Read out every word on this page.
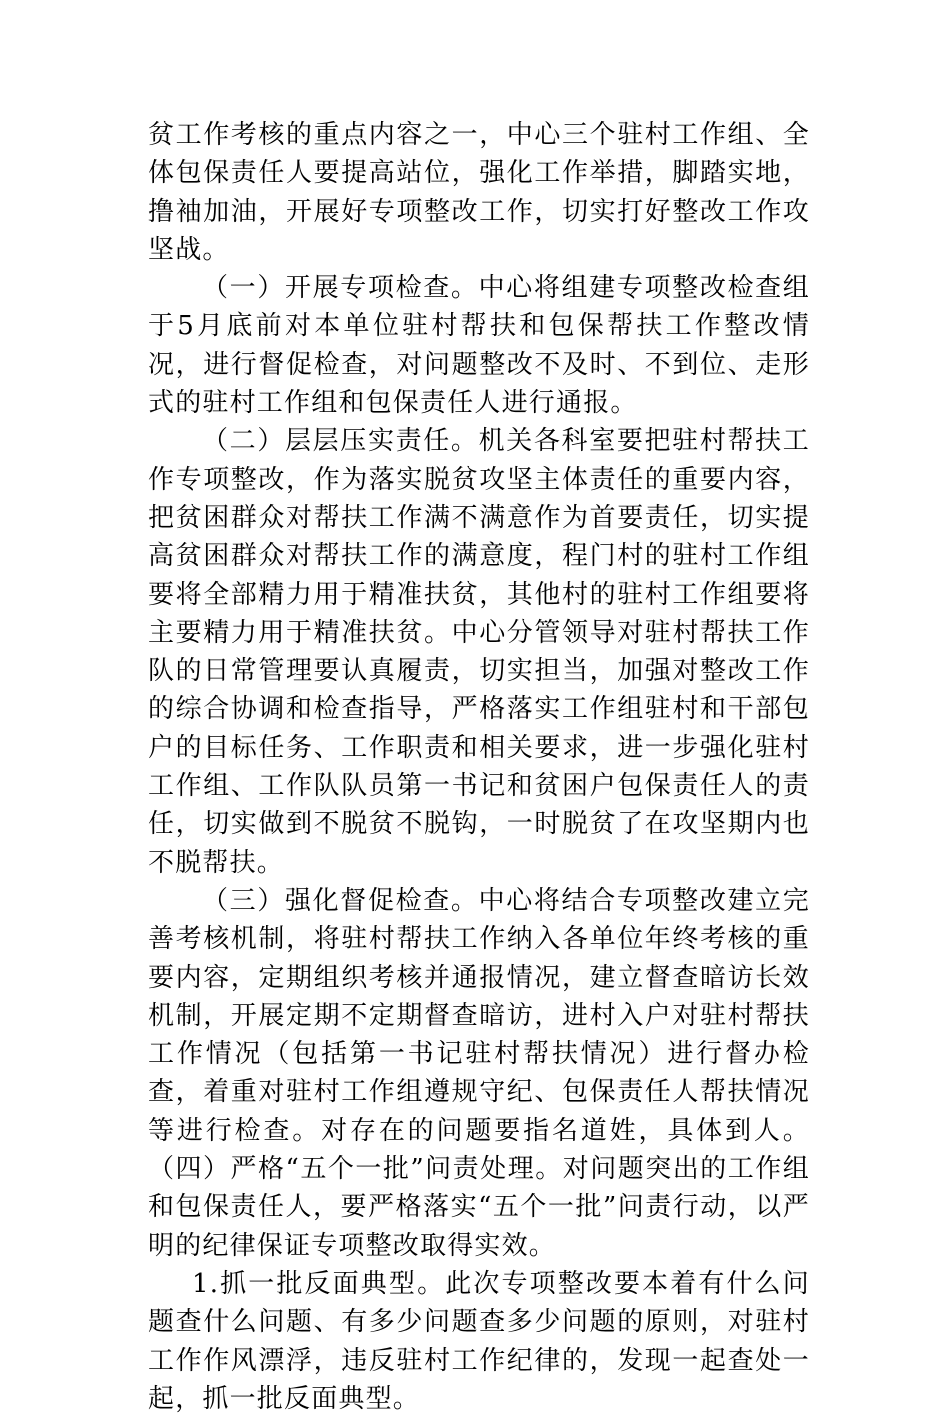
贫工作考核的重点内容之一，中心三个驻村工作组、全体包保责任人要提高站位，强化工作举措，脚踏实地，撸袖加油，开展好专项整改工作，切实打好整改工作攻坚战。

（一）开展专项检查。中心将组建专项整改检查组于5月底前对本单位驻村帮扶和包保帮扶工作整改情况，进行督促检查，对问题整改不及时、不到位、走形式的驻村工作组和包保责任人进行通报。

（二）层层压实责任。机关各科室要把驻村帮扶工作专项整改，作为落实脱贫攻坚主体责任的重要内容，把贫困群众对帮扶工作满不满意作为首要责任，切实提高贫困群众对帮扶工作的满意度，程门村的驻村工作组要将全部精力用于精准扶贫，其他村的驻村工作组要将主要精力用于精准扶贫。中心分管领导对驻村帮扶工作队的日常管理要认真履责，切实担当，加强对整改工作的综合协调和检查指导，严格落实工作组驻村和干部包户的目标任务、工作职责和相关要求，进一步强化驻村工作组、工作队队员第一书记和贫困户包保责任人的责任，切实做到不脱贫不脱钩，一时脱贫了在攻坚期内也不脱帮扶。

（三）强化督促检查。中心将结合专项整改建立完善考核机制，将驻村帮扶工作纳入各单位年终考核的重要内容，定期组织考核并通报情况，建立督查暗访长效机制，开展定期不定期督查暗访，进村入户对驻村帮扶工作情况（包括第一书记驻村帮扶情况）进行督办检查，着重对驻村工作组遵规守纪、包保责任人帮扶情况等进行检查。对存在的问题要指名道姓，具体到人。（四）严格“五个一批”问责处理。对问题突出的工作组和包保责任人，要严格落实“五个一批”问责行动，以严明的纪律保证专项整改取得实效。

1.抓一批反面典型。此次专项整改要本着有什么问题查什么问题、有多少问题查多少问题的原则，对驻村工作作风漂浮，违反驻村工作纪律的，发现一起查处一起，抓一批反面典型。
